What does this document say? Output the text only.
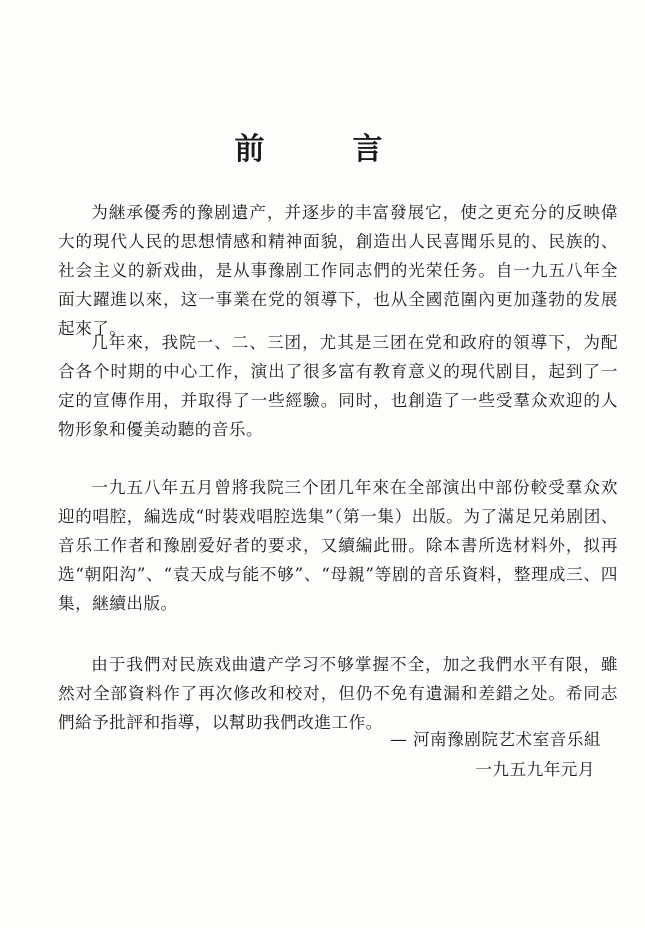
前言

为継承優秀的豫剧遺产，并逐步的丰富發展它，使之更充分的反映偉大的現代人民的思想情感和精神面貌，創造出人民喜聞乐見的、民族的、社会主义的新戏曲，是从事豫剧工作同志們的光荣任务。自一九五八年全面大躍進以來，这一事業在党的領導下，也从全國范圍內更加蓬勃的发展起來了。

几年來，我院一、二、三团，尤其是三团在党和政府的領導下，为配合各个时期的中心工作，演出了很多富有教育意义的現代剧目，起到了一定的宣傳作用，并取得了一些經驗。同时，也創造了一些受羣众欢迎的人物形象和優美动聽的音乐。

一九五八年五月曾將我院三个团几年來在全部演出中部份較受羣众欢迎的唱腔，編选成“时裝戏唱腔选集”（第一集）出版。为了滿足兄弟剧团、音乐工作者和豫剧爱好者的要求，又續編此冊。除本書所选材料外，拟再选“朝阳沟”、“袁天成与能不够”、“母親”等剧的音乐資料，整理成三、四集，継續出版。

由于我們对民族戏曲遺产学习不够掌握不全，加之我們水平有限，雖然对全部資料作了再次修改和校对，但仍不免有遺漏和差錯之处。希同志們給予批評和指導，以幫助我們改進工作。

— 河南豫剧院艺术室音乐組
一九五九年元月
